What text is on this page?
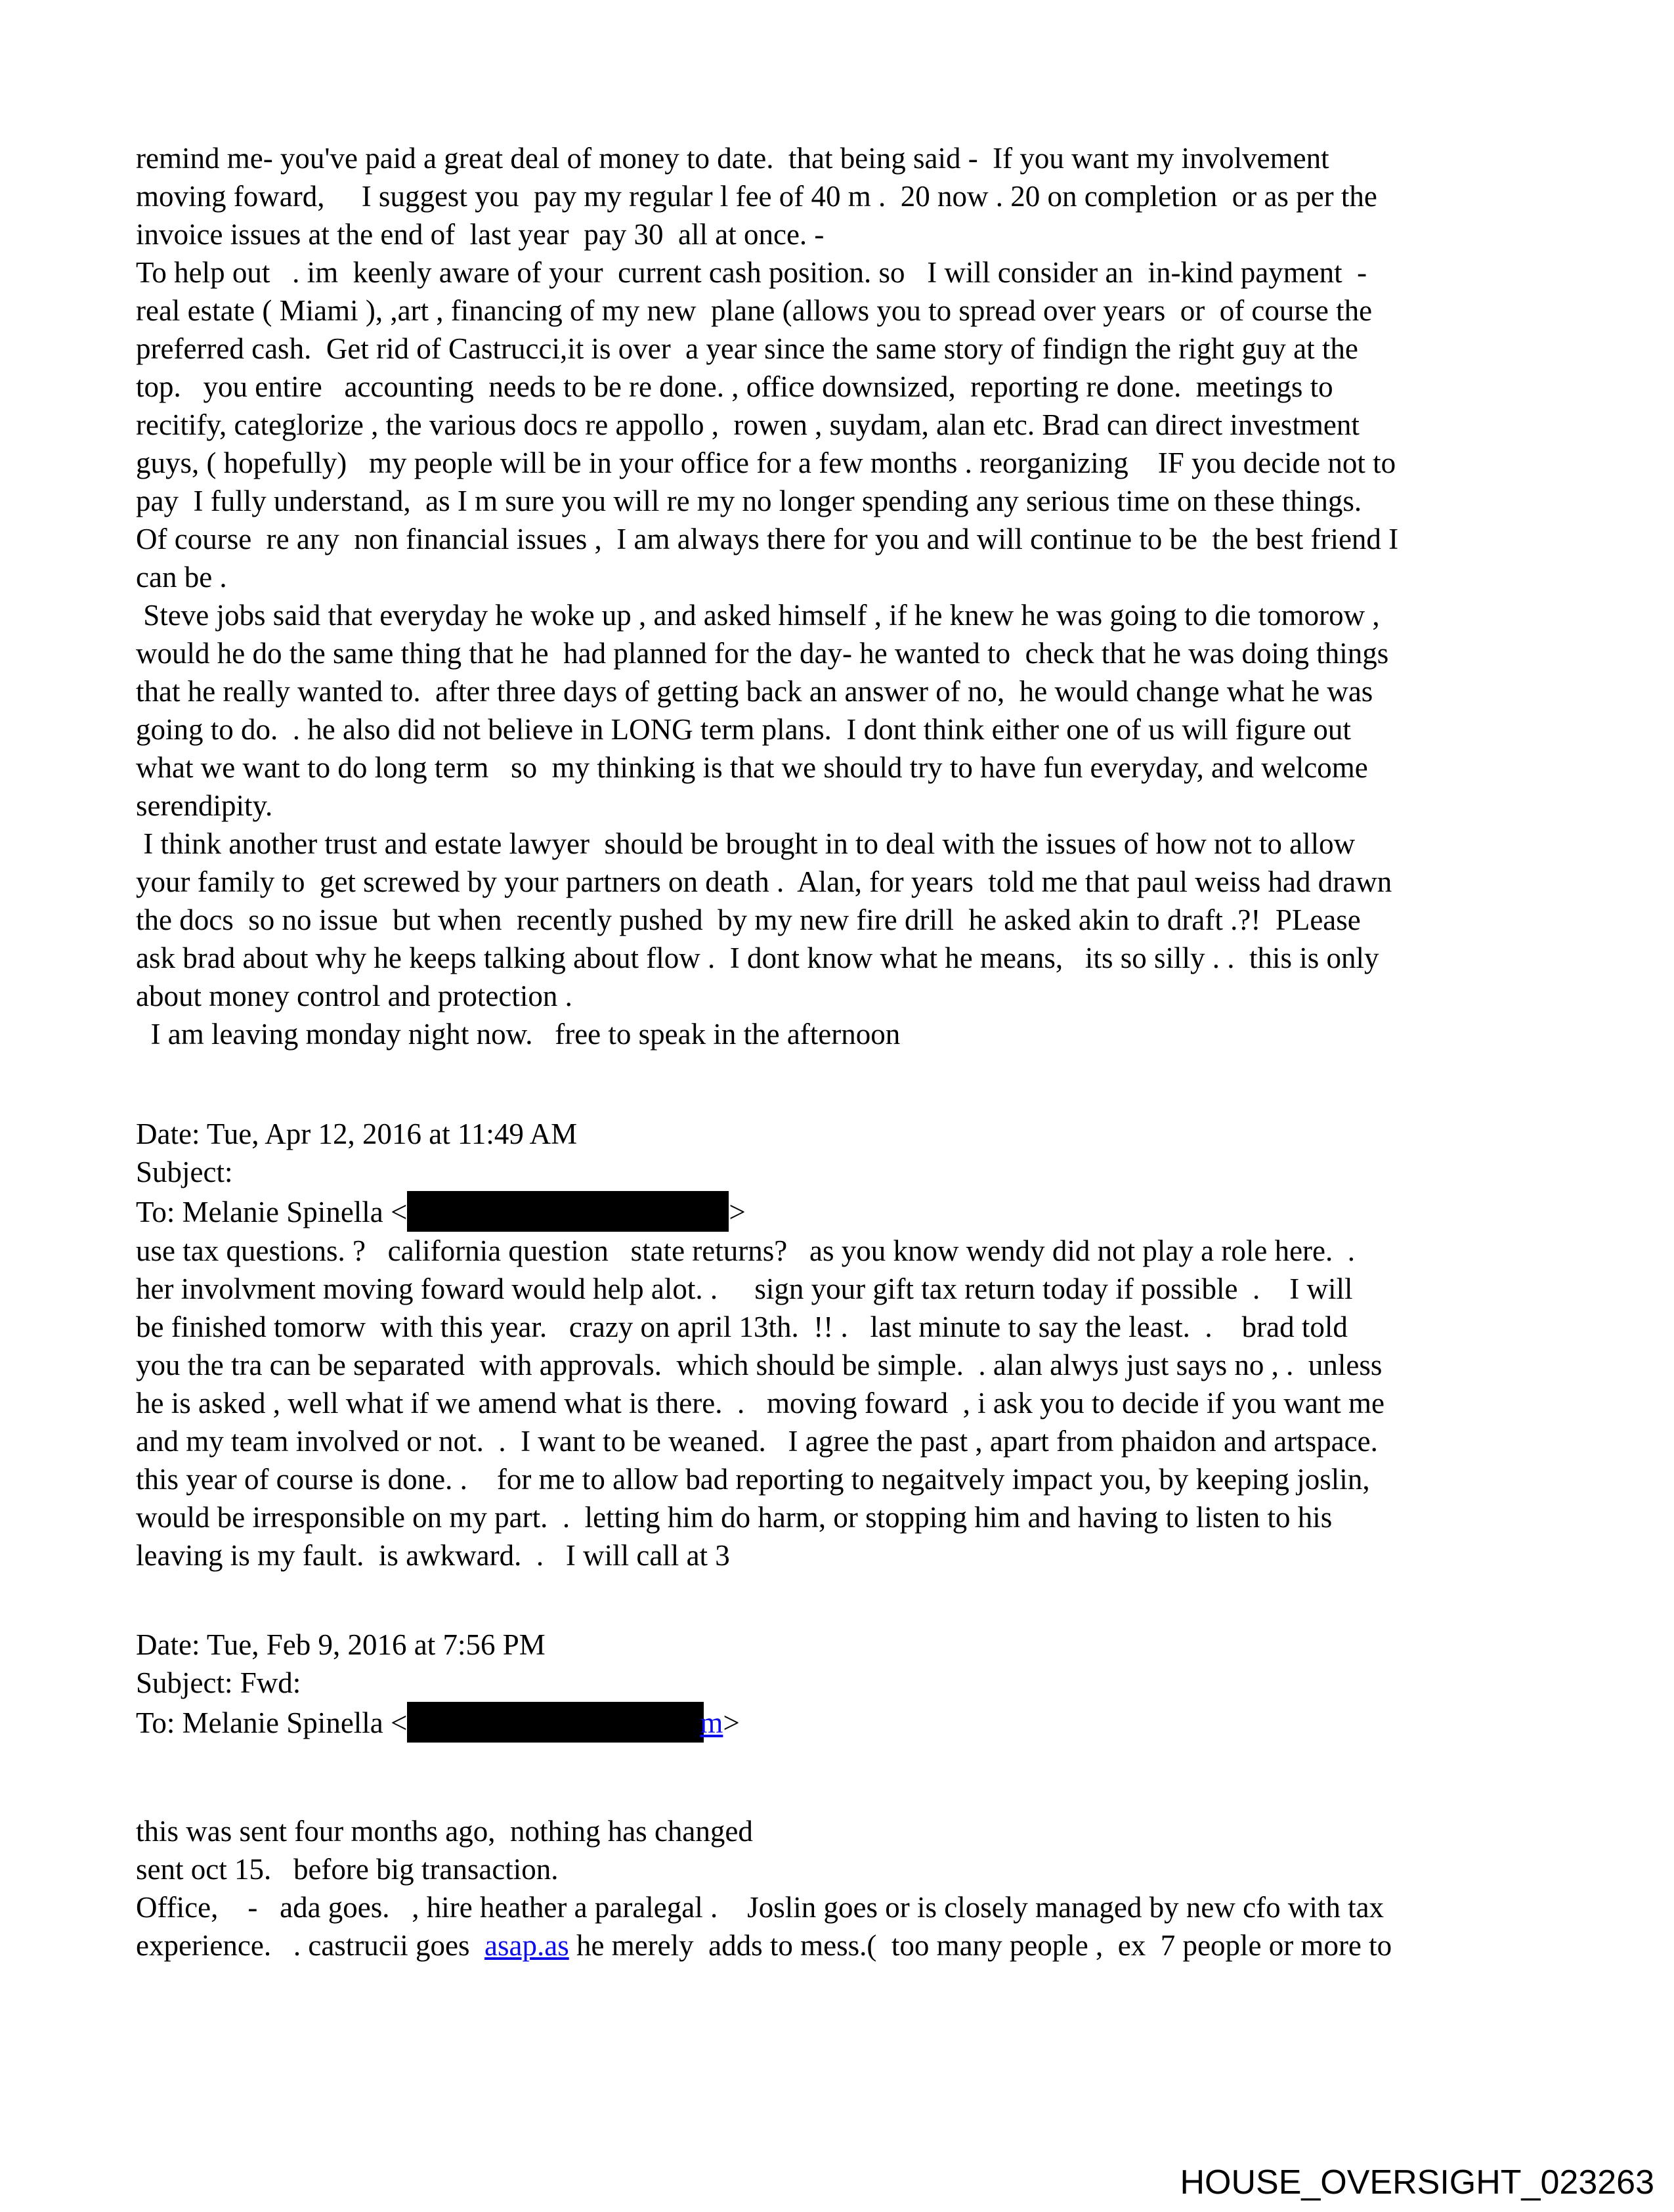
remind me- you've paid a great deal of money to date.  that being said -  If you want my involvement
moving foward,     I suggest you  pay my regular l fee of 40 m .  20 now . 20 on completion  or as per the
invoice issues at the end of  last year  pay 30  all at once. -
To help out   . im  keenly aware of your  current cash position. so   I will consider an  in-kind payment  -
real estate ( Miami ), ,art , financing of my new  plane (allows you to spread over years  or  of course the
preferred cash.  Get rid of Castrucci,it is over  a year since the same story of findign the right guy at the
top.   you entire   accounting  needs to be re done. , office downsized,  reporting re done.  meetings to
recitify, categlorize , the various docs re appollo ,  rowen , suydam, alan etc. Brad can direct investment
guys, ( hopefully)   my people will be in your office for a few months . reorganizing    IF you decide not to
pay  I fully understand,  as I m sure you will re my no longer spending any serious time on these things.
Of course  re any  non financial issues ,  I am always there for you and will continue to be  the best friend I
can be .
Steve jobs said that everyday he woke up , and asked himself , if he knew he was going to die tomorow ,
would he do the same thing that he  had planned for the day- he wanted to  check that he was doing things
that he really wanted to.  after three days of getting back an answer of no,  he would change what he was
going to do.  . he also did not believe in LONG term plans.  I dont think either one of us will figure out
what we want to do long term   so  my thinking is that we should try to have fun everyday, and welcome
serendipity.
I think another trust and estate lawyer  should be brought in to deal with the issues of how not to allow
your family to  get screwed by your partners on death .  Alan, for years  told me that paul weiss had drawn
the docs  so no issue  but when  recently pushed  by my new fire drill  he asked akin to draft .?!  PLease
ask brad about why he keeps talking about flow .  I dont know what he means,   its so silly . .  this is only
about money control and protection .
I am leaving monday night now.   free to speak in the afternoon
Date: Tue, Apr 12, 2016 at 11:49 AM
Subject:
To: Melanie Spinella <	>
use tax questions. ?   california question   state returns?   as you know wendy did not play a role here.  .
her involvment moving foward would help alot. .     sign your gift tax return today if possible  .    I will
be finished tomorw  with this year.   crazy on april 13th.  !! .   last minute to say the least.  .    brad told
you the tra can be separated  with approvals.  which should be simple.  . alan alwys just says no , .  unless
he is asked , well what if we amend what is there.  .   moving foward  , i ask you to decide if you want me
and my team involved or not.  .  I want to be weaned.   I agree the past , apart from phaidon and artspace.
this year of course is done. .    for me to allow bad reporting to negaitvely impact you, by keeping joslin,
would be irresponsible on my part.  .  letting him do harm, or stopping him and having to listen to his
leaving is my fault.  is awkward.  .   I will call at 3
Date: Tue, Feb 9, 2016 at 7:56 PM
Subject: Fwd:
To: Melanie Spinella <	m>
this was sent four months ago,  nothing has changed
sent oct 15.   before big transaction.
Office,    -   ada goes.   , hire heather a paralegal .    Joslin goes or is closely managed by new cfo with tax
experience.   . castrucii goes  asap.as he merely  adds to mess.(  too many people ,  ex  7 people or more to
HOUSE_OVERSIGHT_023263
